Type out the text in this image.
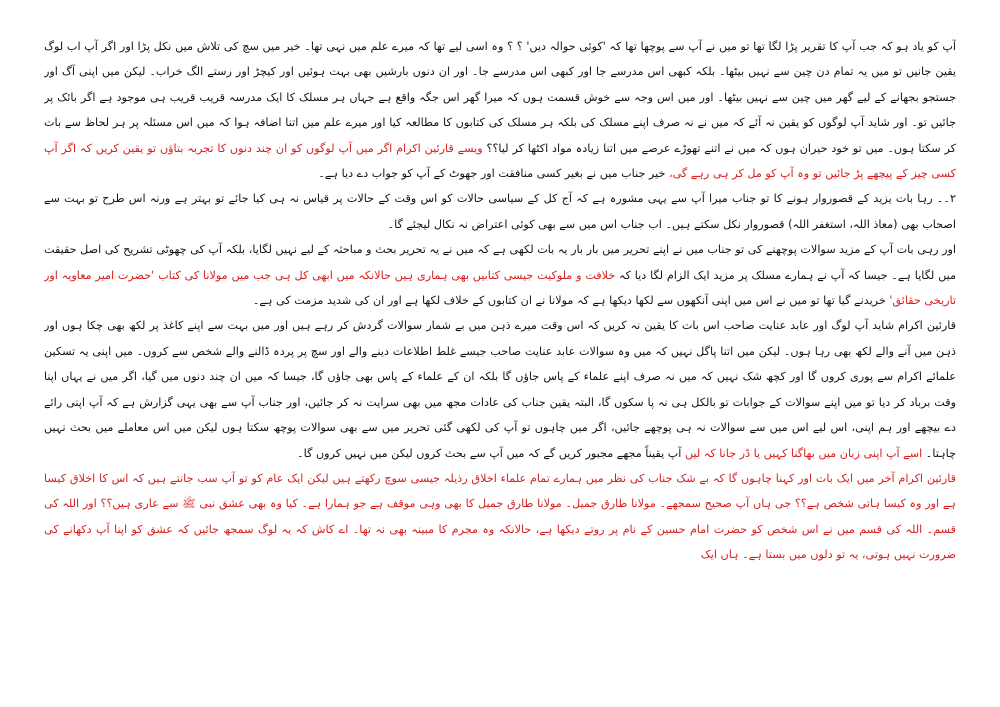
آپ کو یاد ہو کہ جب آپ کا تقریر پڑا لگا تھا تو میں نے آپ سے پوچھا تھا کہ 'کوئی حوالہ دیں' ؟ ؟ وہ اسی لیے تھا کہ میرے علم میں نہی تھا۔ خیر میں سچ کی تلاش میں نکل پڑا اور اگر آپ اب لوگ یقین جانیں تو میں یہ تمام دن چین سے نہیں بیٹھا۔ بلکہ کبھی اس مدرسے جا اور کبھی اس مدرسے جا۔ اور ان دنوں بارشیں بھی بہت ہوئیں اور کیچڑ اور رستے الگ خراب۔ لیکن میں اپنی آگ اور جستجو بجھانے کے لیے گھر میں چین سے نہیں بیٹھا۔ اور میں اس وجہ سے خوش قسمت ہوں کہ میرا گھر اس جگہ واقع ہے جہاں ہر مسلک کا ایک مدرسہ قریب قریب ہی موجود ہے اگر بائک پر جائیں تو۔ اور شاید آپ لوگوں کو یقین نہ آئے کہ میں نے نہ صرف اپنے مسلک کی بلکہ ہر مسلک کی کتابوں کا مطالعہ کیا اور میرے علم میں اتنا اضافہ ہوا کہ میں اس مسئلہ پر ہر لحاظ سے بات کر سکتا ہوں۔ میں تو خود حیران ہوں کہ میں نے اتنے تھوڑے عرصے میں اتنا زیادہ مواد اکٹھا کر لیا؟؟ ویسے قارئین اکرام اگر میں آپ لوگوں کو ان چند دنوں کا تجربہ بتاؤں تو یقین کریں کہ اگر آپ کسی چیز کے پیچھے پڑ جائیں تو وہ آپ کو مل کر ہی رہے گی، خیر جناب میں نے بغیر کسی منافقت اور جھوٹ کے آپ کو جواب دے دیا ہے۔

۲۔۔ رہا بات یزید کے قصوروار ہونے کا تو جناب میرا آپ سے یہی مشورہ ہے کہ آج کل کے سیاسی حالات کو اس وقت کے حالات پر قیاس نہ ہی کیا جائے تو بہتر ہے ورنہ اس طرح تو بہت سے اصحاب بھی (معاذ اللہ، استغفر اللہ) قصوروار نکل سکتے ہیں۔ اب جناب اس میں سے بھی کوئی اعتراض نہ نکال لیجئے گا۔

اور رہی بات آپ کے مزید سوالات پوچھنے کی تو جناب میں نے اپنے تحریر میں بار بار یہ بات لکھی ہے کہ میں نے یہ تحریر بحث و مباحثہ کے لیے نہیں لگایا، بلکہ آپ کی چھوٹی تشریح کی اصل حقیقت میں لگایا ہے۔ جیسا کہ آپ نے ہمارے مسلک پر مزید ایک الزام لگا دیا کہ خلافت و ملوکیت جیسی کتابیں بھی ہماری ہیں حالانکہ میں ابھی کل ہی جب میں مولانا کی کتاب 'حضرت امیر معاویہ اور تاریخی حقائق' خریدنے گیا تھا تو میں نے اس میں اپنی آنکھوں سے لکھا دیکھا ہے کہ مولانا نے ان کتابوں کے خلاف لکھا ہے اور ان کی شدید مزمت کی ہے۔

قارئین اکرام شاید آپ لوگ اور عابد عنایت صاحب اس بات کا یقین نہ کریں کہ اس وقت میرے ذہن میں بے شمار سوالات گردش کر رہے ہیں اور میں بہت سے اپنے کاغذ پر لکھ بھی چکا ہوں اور ذہن میں آنے والے لکھ بھی رہا ہوں۔ لیکن میں اتنا پاگل نہیں کہ میں وہ سوالات عابد عنایت صاحب جیسے غلط اطلاعات دینے والے اور سچ پر پردہ ڈالنے والے شخص سے کروں۔ میں اپنی یہ تسکین علمائے اکرام سے پوری کروں گا اور کچھ شک نہیں کہ میں نہ صرف اپنے علماء کے پاس جاؤں گا بلکہ ان کے علماء کے پاس بھی جاؤں گا، جیسا کہ میں ان چند دنوں میں گیا، اگر میں نے یہاں اپنا وقت برباد کر دیا تو میں اپنے سوالات کے جوابات تو بالکل ہی نہ پا سکوں گا، البتہ یقین جناب کی عادات مجھ میں بھی سرایت نہ کر جائیں، اور جناب آپ سے بھی یہی گزارش ہے کہ آپ اپنی رائے دے بیچھے اور ہم اپنی، اس لیے اس میں سے سوالات نہ ہی پوچھے جائیں، اگر میں چاہوں تو آپ کی لکھی گئی تحریر میں سے بھی سوالات پوچھ سکتا ہوں لیکن میں اس معاملے میں بحث نہیں چاہتا۔ اسے آپ اپنی زبان میں بھاگنا کہیں یا ڈر جانا کہ لیں آپ یقیناً مجھے مجبور کریں گے کہ میں آپ سے بحث کروں لیکن میں نہیں کروں گا۔

قارئین اکرام آخر میں ایک بات اور کہنا چاہوں گا کہ بے شک جناب کی نظر میں ہمارے تمام علماء اخلاق رذیلہ جیسی سوچ رکھتے ہیں لیکن ایک عام کو تو آپ سب جانتے ہیں کہ اس کا اخلاق کیسا ہے اور وہ کیسا ہاتی شخص ہے؟؟ جی ہاں آپ صحیح سمجھے۔ مولانا طارق جمیل۔ مولانا طارق جمیل کا بھی وہی موقف ہے جو ہمارا ہے۔ کیا وہ بھی عشق نبی ﷺ سے عاری ہیں؟؟ اور اللہ کی قسم۔ اللہ کی قسم میں نے اس شخص کو حضرت امام حسین کے نام پر روتے دیکھا ہے، حالانکہ وہ مجرم کا مبینہ بھی نہ تھا۔ اے کاش کہ یہ لوگ سمجھ جائیں کہ عشق کو اپنا آپ دکھانے کی ضرورت نہیں ہوتی، یہ تو دلوں میں بستا ہے۔ ہاں ایک
